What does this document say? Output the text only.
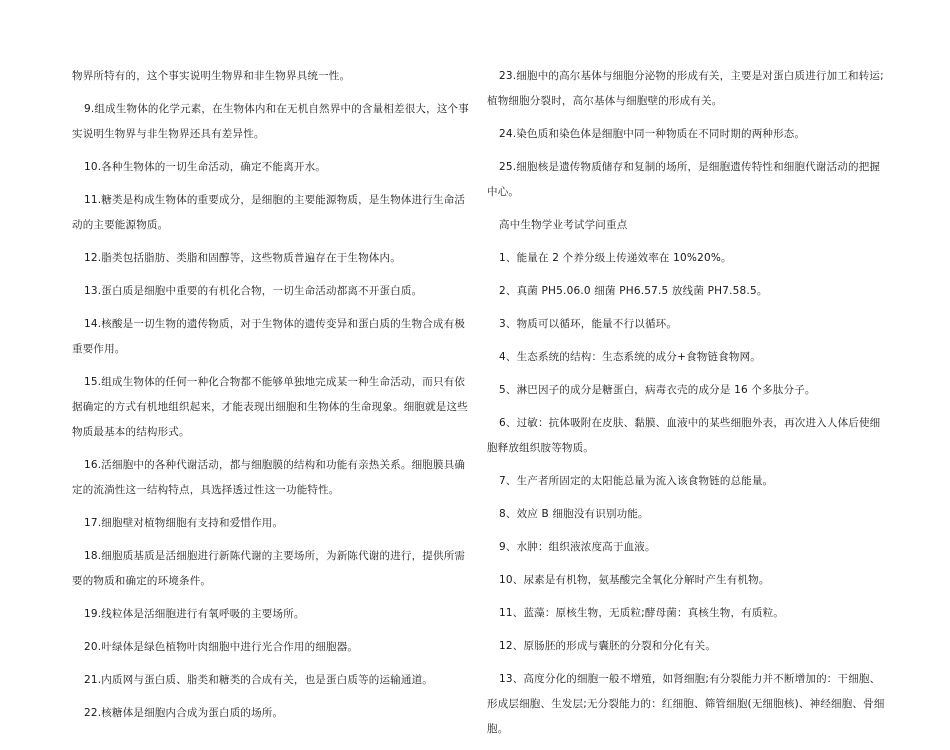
物界所特有的，这个事实说明生物界和非生物界具统一性。

9.组成生物体的化学元素，在生物体内和在无机自然界中的含量相差很大，这个事实说明生物界与非生物界还具有差异性。

10.各种生物体的一切生命活动，确定不能离开水。

11.糖类是构成生物体的重要成分，是细胞的主要能源物质，是生物体进行生命活动的主要能源物质。

12.脂类包括脂肪、类脂和固醇等，这些物质普遍存在于生物体内。

13.蛋白质是细胞中重要的有机化合物，一切生命活动都离不开蛋白质。

14.核酸是一切生物的遗传物质，对于生物体的遗传变异和蛋白质的生物合成有极重要作用。

15.组成生物体的任何一种化合物都不能够单独地完成某一种生命活动，而只有依据确定的方式有机地组织起来，才能表现出细胞和生物体的生命现象。细胞就是这些物质最基本的结构形式。

16.活细胞中的各种代谢活动，都与细胞膜的结构和功能有亲热关系。细胞膜具确定的流淌性这一结构特点，具选择透过性这一功能特性。

17.细胞壁对植物细胞有支持和爱惜作用。

18.细胞质基质是活细胞进行新陈代谢的主要场所，为新陈代谢的进行，提供所需要的物质和确定的环境条件。

19.线粒体是活细胞进行有氧呼吸的主要场所。

20.叶绿体是绿色植物叶肉细胞中进行光合作用的细胞器。

21.内质网与蛋白质、脂类和糖类的合成有关，也是蛋白质等的运输通道。

22.核糖体是细胞内合成为蛋白质的场所。

23.细胞中的高尔基体与细胞分泌物的形成有关，主要是对蛋白质进行加工和转运;植物细胞分裂时，高尔基体与细胞壁的形成有关。

24.染色质和染色体是细胞中同一种物质在不同时期的两种形态。

25.细胞核是遗传物质储存和复制的场所，是细胞遗传特性和细胞代谢活动的把握中心。

高中生物学业考试学问重点

1、能量在 2 个养分级上传递效率在 10%20%。

2、真菌 PH5.06.0 细菌 PH6.57.5 放线菌 PH7.58.5。

3、物质可以循环，能量不行以循环。

4、生态系统的结构：生态系统的成分+食物链食物网。

5、淋巴因子的成分是糖蛋白，病毒衣壳的成分是 16 个多肽分子。

6、过敏：抗体吸附在皮肤、黏膜、血液中的某些细胞外表，再次进入人体后使细胞释放组织胺等物质。

7、生产者所固定的太阳能总量为流入该食物链的总能量。

8、效应 B 细胞没有识别功能。

9、水肿：组织液浓度高于血液。

10、尿素是有机物，氨基酸完全氧化分解时产生有机物。

11、蓝藻：原核生物，无质粒;酵母菌：真核生物，有质粒。

12、原肠胚的形成与囊胚的分裂和分化有关。

13、高度分化的细胞一般不增殖，如肾细胞;有分裂能力并不断增加的：干细胞、形成层细胞、生发层;无分裂能力的：红细胞、筛管细胞(无细胞核)、神经细胞、骨细胞。
